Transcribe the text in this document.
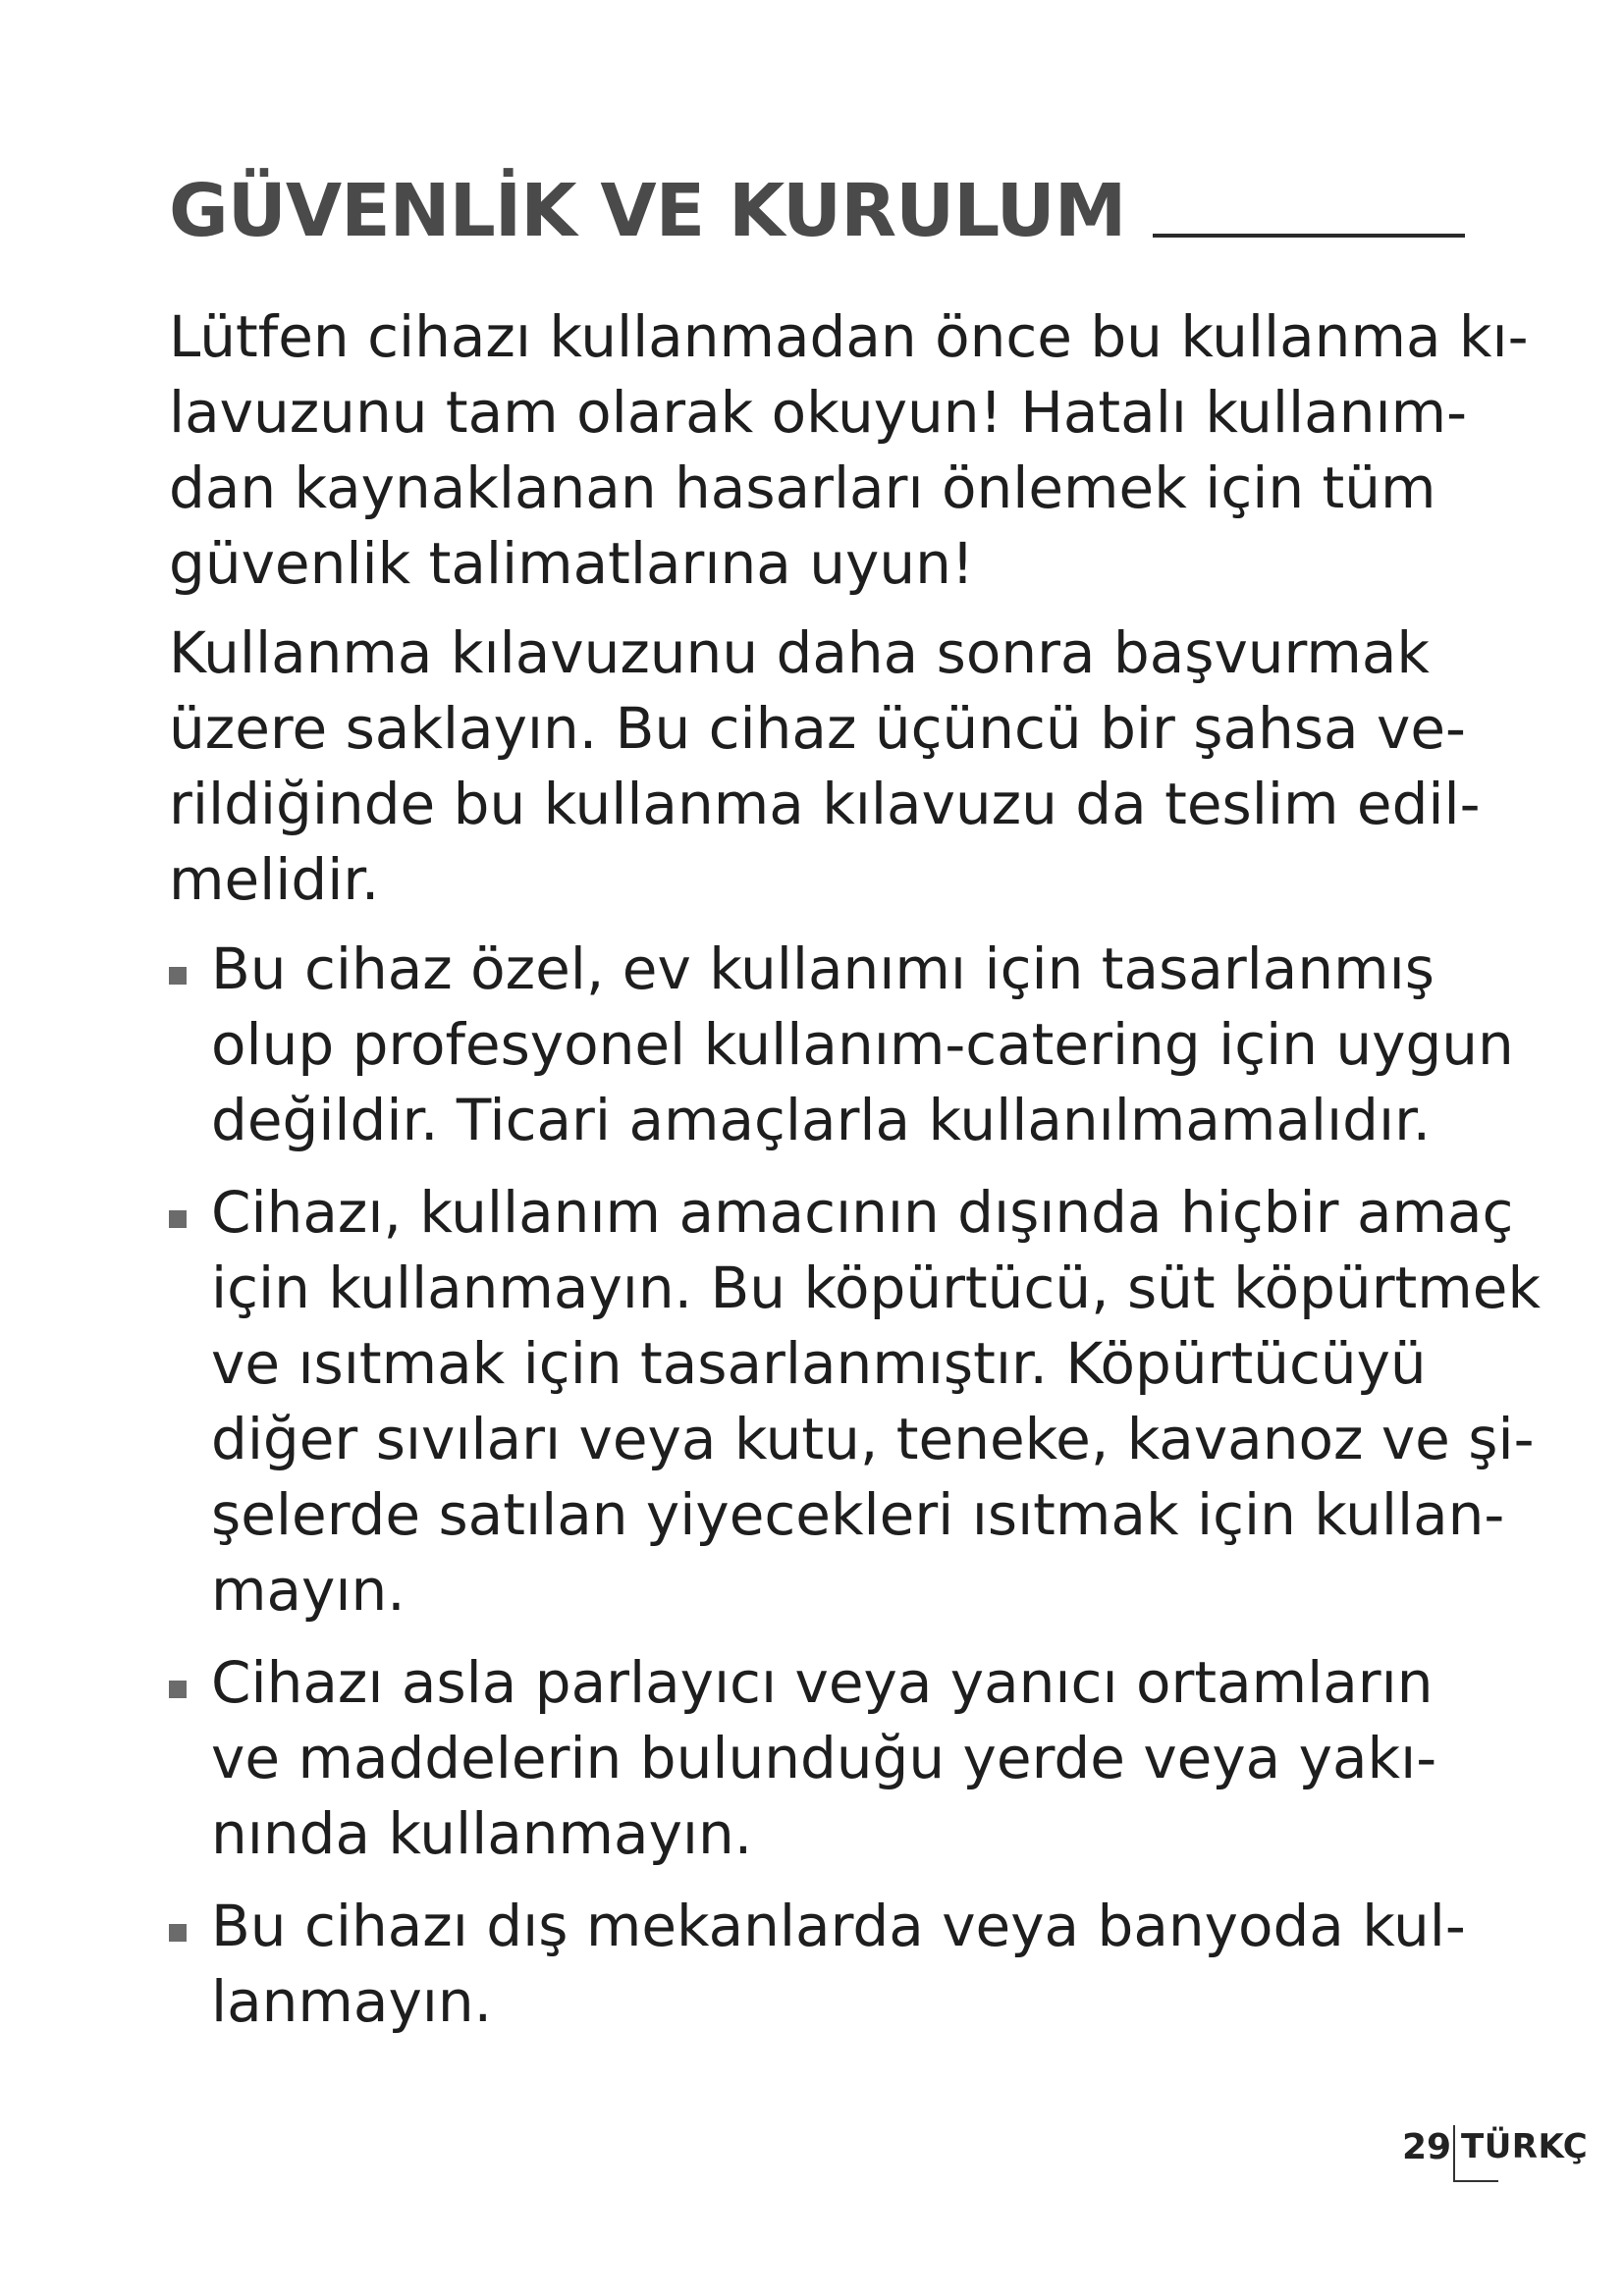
GÜVENLİK VE KURULUM

Lütfen cihazı kullanmadan önce bu kullanma kı-
lavuzunu tam olarak okuyun! Hatalı kullanım-
dan kaynaklanan hasarları önlemek için tüm
güvenlik talimatlarına uyun!

Kullanma kılavuzunu daha sonra başvurmak
üzere saklayın. Bu cihaz üçüncü bir şahsa ve-
rildiğinde bu kullanma kılavuzu da teslim edil-
melidir.

Bu cihaz özel, ev kullanımı için tasarlanmış
olup profesyonel kullanım-catering için uygun
değildir. Ticari amaçlarla kullanılmamalıdır.
Cihazı, kullanım amacının dışında hiçbir amaç
için kullanmayın. Bu köpürtücü, süt köpürtmek
ve ısıtmak için tasarlanmıştır. Köpürtücüyü
diğer sıvıları veya kutu, teneke, kavanoz ve şi-
şelerde satılan yiyecekleri ısıtmak için kullan-
mayın.
Cihazı asla parlayıcı veya yanıcı ortamların
ve maddelerin bulunduğu yerde veya yakı-
nında kullanmayın.
Bu cihazı dış mekanlarda veya banyoda kul-
lanmayın.
29 TÜRKÇ
